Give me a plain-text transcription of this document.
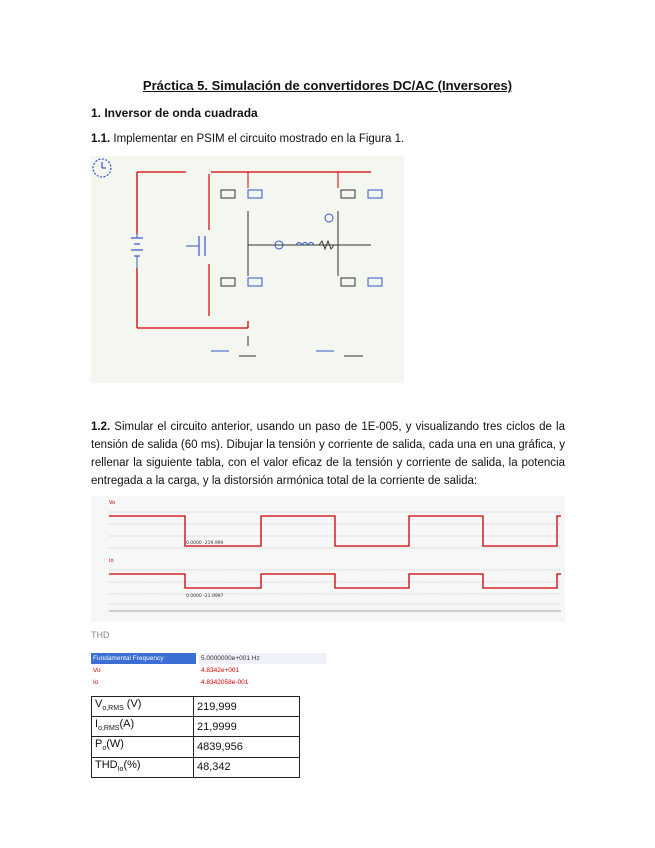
Práctica 5. Simulación de convertidores DC/AC (Inversores)
1. Inversor de onda cuadrada
1.1. Implementar en PSIM el circuito mostrado en la Figura 1.
1.2. Simular el circuito anterior, usando un paso de 1E-005, y visualizando tres ciclos de la tensión de salida (60 ms). Dibujar la tensión y corriente de salida, cada una en una gráfica, y rellenar la siguiente tabla, con el valor eficaz de la tensión y corriente de salida, la potencia entregada a la carga, y la distorsión armónica total de la corriente de salida:
Vo
0.0000 -219.999
Io
0.0000 -21.9997
THD
Fundamental Frequency	5.0000000e+001 Hz
Vo	4.8342e+001
Io	4.8342058e-001
$V_{o,RMS}$ (V)	219,999
$I_{o,RMS}(A)$	21,9999
$P_o(W)$	4839,956
$THD_{Io}(\%)$	48,342
